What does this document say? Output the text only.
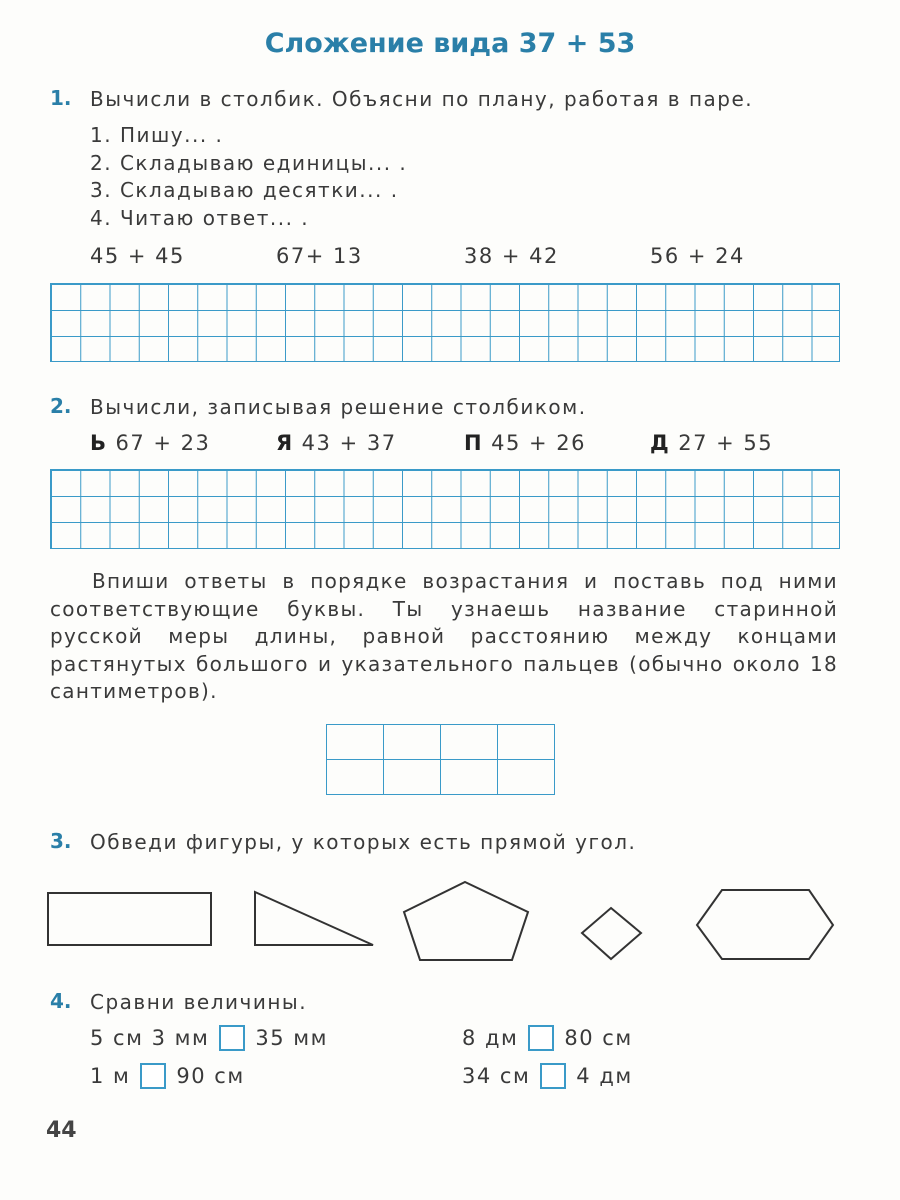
Сложение вида 37 + 53
1. Вычисли в столбик. Объясни по плану, работая в паре.
1. Пишу... .
2. Складываю единицы... .
3. Складываю десятки... .
4. Читаю ответ... .
45 + 45	67+ 13	38 + 42	56 + 24
2. Вычисли, записывая решение столбиком.
Ь 67 + 23	Я 43 + 37	П 45 + 26	Д 27 + 55
Впиши ответы в порядке возрастания и поставь под ними соответствующие буквы. Ты узнаешь название старинной русской меры длины, равной расстоянию между концами растянутых большого и указательного пальцев (обычно около 18 сантиметров).

3. Обведи фигуры, у которых есть прямой угол.
4. Сравни величины.
5 см 3 мм 35 мм	8 дм 80 см
1 м 90 см	34 см 4 дм
44
